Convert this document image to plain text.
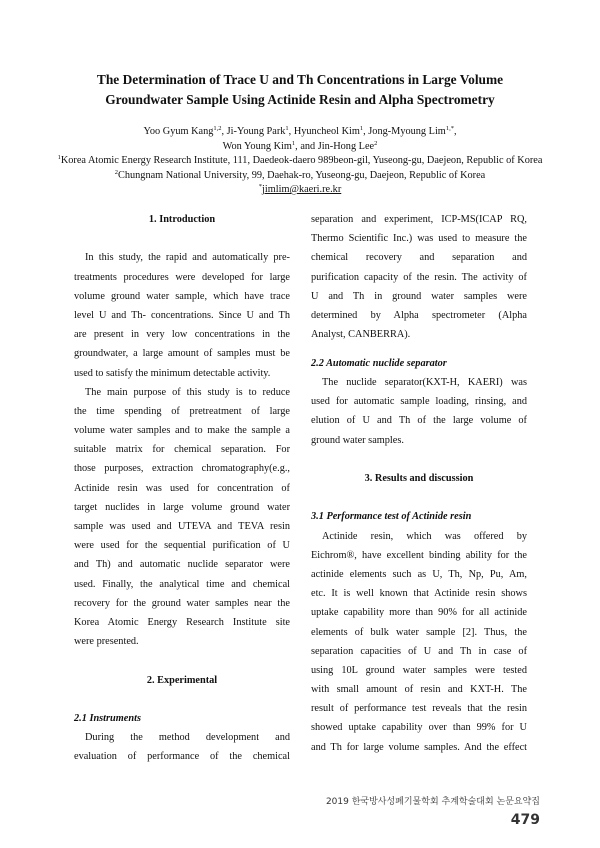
The Determination of Trace U and Th Concentrations in Large Volume
Groundwater Sample Using Actinide Resin and Alpha Spectrometry
Yoo Gyum Kang$^{1,2}$, Ji-Young Park$^1$, Hyuncheol Kim$^1$, Jong-Myoung Lim$^{1,*}$,
Won Young Kim$^1$, and Jin-Hong Lee$^2$
$^1$Korea Atomic Energy Research Institute, 111, Daedeok-daero 989beon-gil, Yuseong-gu, Daejeon, Republic of Korea
$^2$Chungnam National University, 99, Daehak-ro, Yuseong-gu, Daejeon, Republic of Korea
*jimlim@kaeri.re.kr
1. Introduction
In this study, the rapid and automatically pre-
treatments procedures were developed for large
volume ground water sample, which have trace
level U and Th- concentrations. Since U and Th
are present in very low concentrations in the
groundwater, a large amount of samples must be
used to satisfy the minimum detectable activity.
The main purpose of this study is to reduce
the time spending of pretreatment of large
volume water samples and to make the sample a
suitable matrix for chemical separation. For
those purposes, extraction chromatography(e.g.,
Actinide resin was used for concentration of
target nuclides in large volume ground water
sample was used and UTEVA and TEVA resin
were used for the sequential purification of U
and Th) and automatic nuclide separator were
used. Finally, the analytical time and chemical
recovery for the ground water samples near the
Korea Atomic Energy Research Institute site
were presented.
2. Experimental
2.1 Instruments
During the method development and
evaluation of performance of the chemical
separation and experiment, ICP-MS(ICAP RQ,
Thermo Scientific Inc.) was used to measure the
chemical recovery and separation and
purification capacity of the resin. The activity of
U and Th in ground water samples were
determined by Alpha spectrometer (Alpha
Analyst, CANBERRA).
2.2 Automatic nuclide separator
The nuclide separator(KXT-H, KAERI) was
used for automatic sample loading, rinsing, and
elution of U and Th of the large volume of
ground water samples.
3. Results and discussion
3.1 Performance test of Actinide resin
Actinide resin, which was offered by
Eichrom®, have excellent binding ability for the
actinide elements such as U, Th, Np, Pu, Am,
etc. It is well known that Actinide resin shows
uptake capability more than 90% for all actinide
elements of bulk water sample [2]. Thus, the
separation capacities of U and Th in case of
using 10L ground water samples were tested
with small amount of resin and KXT-H. The
result of performance test reveals that the resin
showed uptake capability over than 99% for U
and Th for large volume samples. And the effect
2019 한국방사성폐기물학회 추계학술대회 논문요약집 479
